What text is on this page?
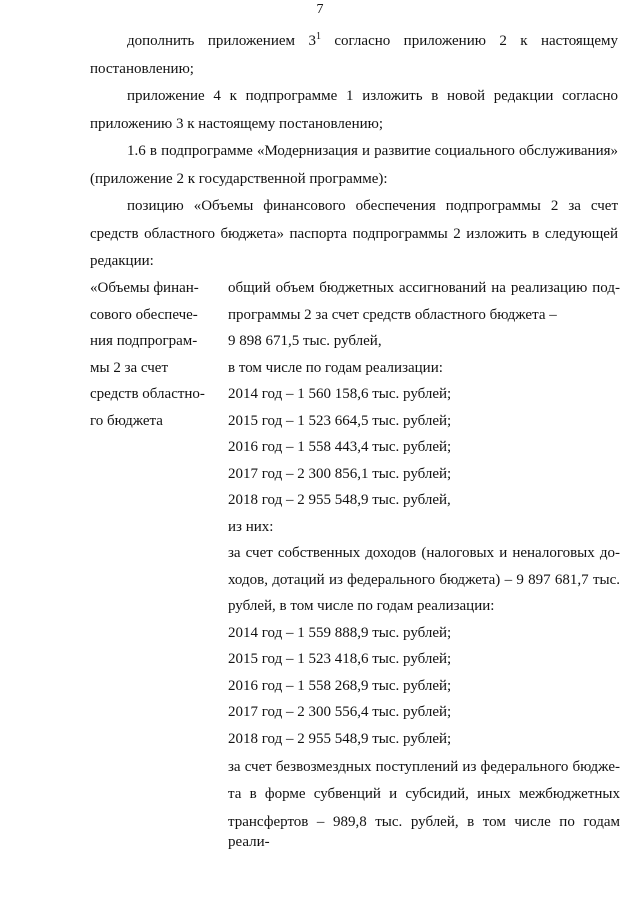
7

дополнить приложением $3^1$ согласно приложению 2 к настоящему постановлению;

приложение 4 к подпрограмме 1 изложить в новой редакции согласно приложению 3 к настоящему постановлению;

1.6 в подпрограмме «Модернизация и развитие социального обслуживания» (приложение 2 к государственной программе):

позицию «Объемы финансового обеспечения подпрограммы 2 за счет средств областного бюджета» паспорта подпрограммы 2 изложить в следующей редакции:

«Объемы финан-
сового обеспече-
ния подпрограм-
мы 2 за счет
средств областно-
го бюджета
общий объем бюджетных ассигнований на реализацию под-
программы 2 за счет средств областного бюджета –
9 898 671,5 тыс. рублей,
в том числе по годам реализации:
2014 год – 1 560 158,6 тыс. рублей;
2015 год – 1 523 664,5 тыс. рублей;
2016 год – 1 558 443,4 тыс. рублей;
2017 год – 2 300 856,1 тыс. рублей;
2018 год – 2 955 548,9 тыс. рублей,
из них:
за счет собственных доходов (налоговых и неналоговых до-
ходов, дотаций из федерального бюджета) – 9 897 681,7 тыс.
рублей, в том числе по годам реализации:
2014 год – 1 559 888,9 тыс. рублей;
2015 год – 1 523 418,6 тыс. рублей;
2016 год – 1 558 268,9 тыс. рублей;
2017 год – 2 300 556,4 тыс. рублей;
2018 год – 2 955 548,9 тыс. рублей;
за счет безвозмездных поступлений из федерального бюдже-
та в форме субвенций и субсидий, иных межбюджетных
трансфертов – 989,8 тыс. рублей, в том числе по годам реали-
